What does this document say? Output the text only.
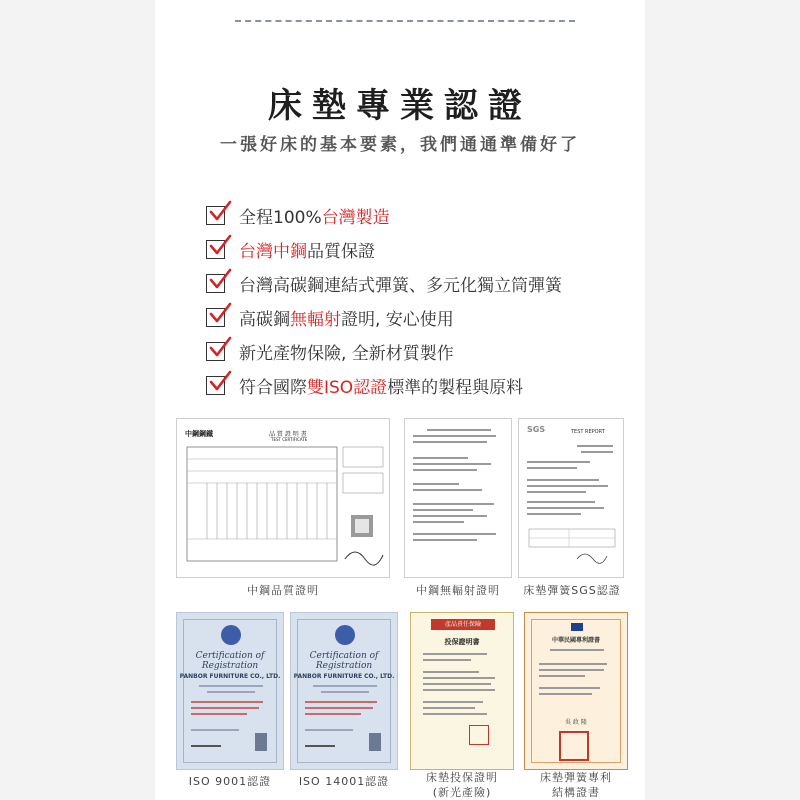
床墊專業認證
一張好床的基本要素，我們通通準備好了
全程100%台灣製造
台灣中鋼品質保證
台灣高碳鋼連結式彈簧、多元化獨立筒彈簧
高碳鋼無輻射證明, 安心使用
新光產物保險, 全新材質製作
符合國際雙ISO認證標準的製程與原料
中鋼鋼鐵	品 質 證 明 書
TEST CERTIFICATE
SGS	TEST REPORT
中鋼品質證明	中鋼無輻射證明	床墊彈簧SGS認證
Certification of Registration
PANBOR FURNITURE CO., LTD.
Certification of Registration
PANBOR FURNITURE CO., LTD.
產品責任保險
投保證明書	中華民國專利證書
吳 政 隆
ISO 9001認證	ISO 14001認證	床墊投保證明
(新光產險)
床墊彈簧專利
結構證書
